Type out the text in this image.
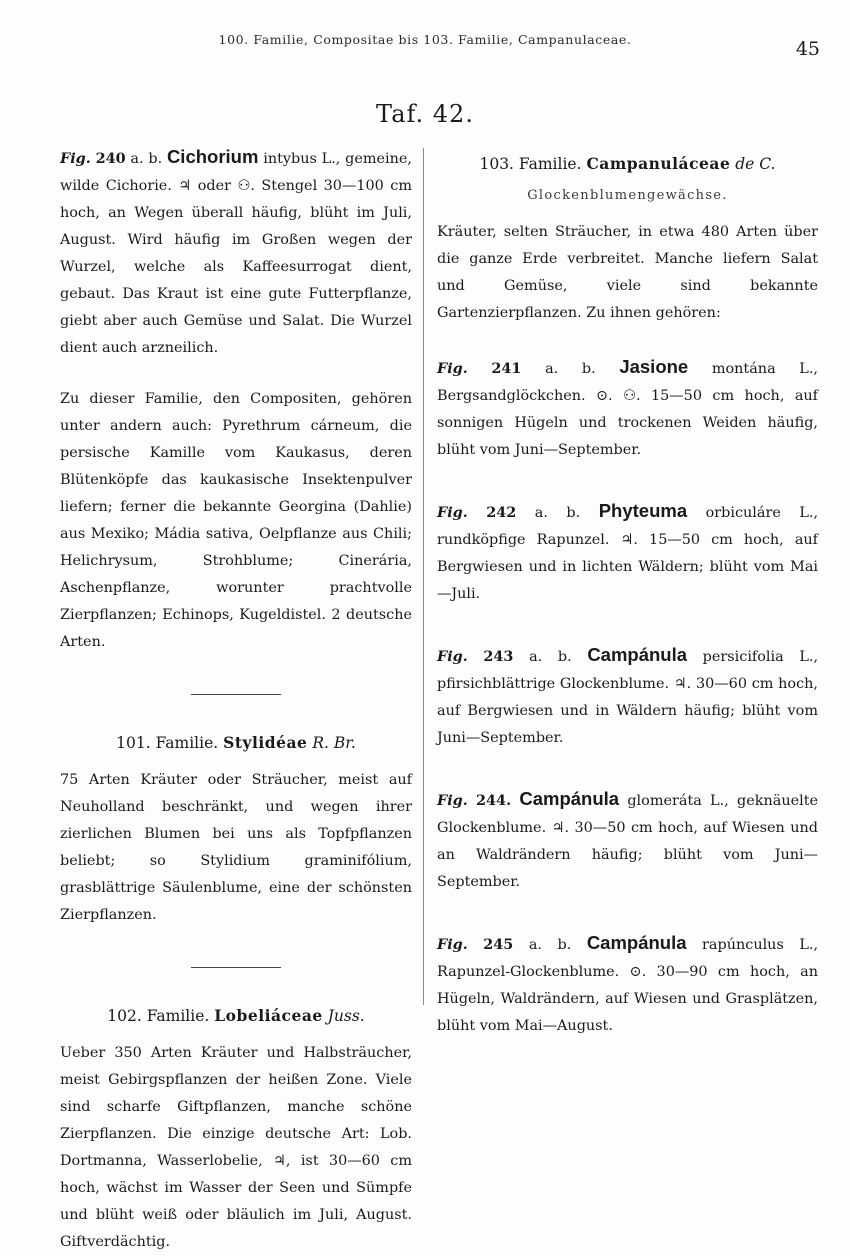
100. Familie, Compositae bis 103. Familie, Campanulaceae.	45
Taf. 42.

Fig. 240 a. b. Cichorium intybus L., gemeine, wilde Cichorie. ♃ oder ⚇. Stengel 30—100 cm hoch, an Wegen überall häufig, blüht im Juli, August. Wird häufig im Großen wegen der Wurzel, welche als Kaffeesurrogat dient, gebaut. Das Kraut ist eine gute Futterpflanze, giebt aber auch Gemüse und Salat. Die Wurzel dient auch arzneilich.

Zu dieser Familie, den Compositen, gehören unter andern auch: Pyrethrum cárneum, die persische Kamille vom Kaukasus, deren Blütenköpfe das kaukasische Insektenpulver liefern; ferner die bekannte Georgina (Dahlie) aus Mexiko; Mádia sativa, Oelpflanze aus Chili; Helichrysum, Strohblume; Cinerária, Aschenpflanze, worunter prachtvolle Zierpflanzen; Echinops, Kugeldistel. 2 deutsche Arten.

101. Familie. Stylidéae R. Br.

75 Arten Kräuter oder Sträucher, meist auf Neuholland beschränkt, und wegen ihrer zierlichen Blumen bei uns als Topfpflanzen beliebt; so Stylidium graminifólium, grasblättrige Säulenblume, eine der schönsten Zierpflanzen.

102. Familie. Lobeliáceae Juss.

Ueber 350 Arten Kräuter und Halbsträucher, meist Gebirgspflanzen der heißen Zone. Viele sind scharfe Giftpflanzen, manche schöne Zierpflanzen. Die einzige deutsche Art: Lob. Dortmanna, Wasserlobelie, ♃, ist 30—60 cm hoch, wächst im Wasser der Seen und Sümpfe und blüht weiß oder bläulich im Juli, August. Giftverdächtig.

103. Familie. Campanuláceae de C.
Glockenblumengewächse.

Kräuter, selten Sträucher, in etwa 480 Arten über die ganze Erde verbreitet. Manche liefern Salat und Gemüse, viele sind bekannte Gartenzierpflanzen. Zu ihnen gehören:

Fig. 241 a. b. Jasione montána L., Bergsandglöckchen. ⊙. ⚇. 15—50 cm hoch, auf sonnigen Hügeln und trockenen Weiden häufig, blüht vom Juni—September.

Fig. 242 a. b. Phyteuma orbiculáre L., rundköpfige Rapunzel. ♃. 15—50 cm hoch, auf Bergwiesen und in lichten Wäldern; blüht vom Mai—Juli.

Fig. 243 a. b. Campánula persicifolia L., pfirsichblättrige Glockenblume. ♃. 30—60 cm hoch, auf Bergwiesen und in Wäldern häufig; blüht vom Juni—September.

Fig. 244. Campánula glomeráta L., geknäuelte Glockenblume. ♃. 30—50 cm hoch, auf Wiesen und an Waldrändern häufig; blüht vom Juni—September.

Fig. 245 a. b. Campánula rapúnculus L., Rapunzel-Glockenblume. ⊙. 30—90 cm hoch, an Hügeln, Waldrändern, auf Wiesen und Grasplätzen, blüht vom Mai—August.
